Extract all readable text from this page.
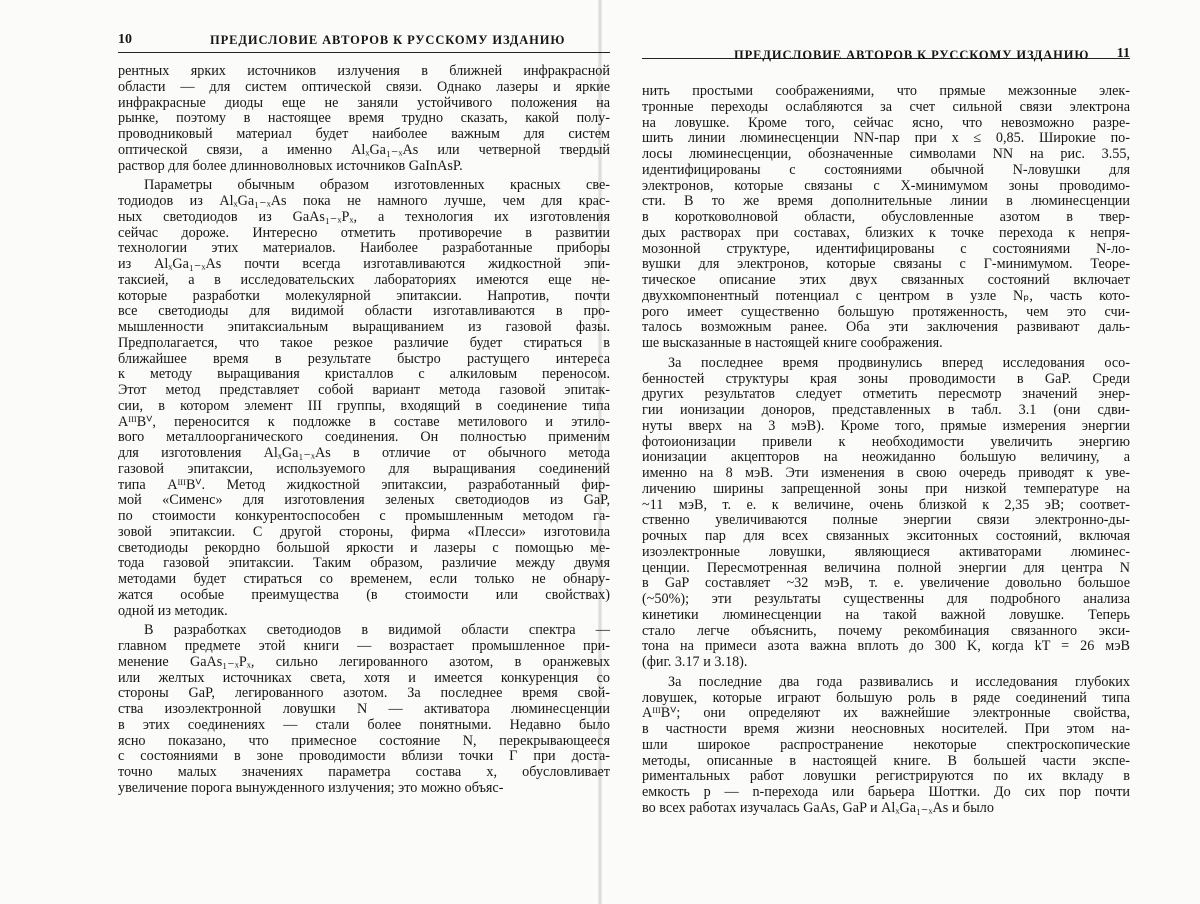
10	ПРЕДИСЛОВИЕ АВТОРОВ К РУССКОМУ ИЗДАНИЮ
рентных ярких источников излучения в ближней инфракрасной
области — для систем оптической связи. Однако лазеры и яркие
инфракрасные диоды еще не заняли устойчивого положения на
рынке, поэтому в настоящее время трудно сказать, какой полу-
проводниковый материал будет наиболее важным для систем
оптической связи, а именно AlₓGa₁₋ₓAs или четверной твердый
раствор для более длинноволновых источников GaInAsP.
Параметры обычным образом изготовленных красных све-
тодиодов из AlₓGa₁₋ₓAs пока не намного лучше, чем для крас-
ных светодиодов из GaAs₁₋ₓPₓ, а технология их изготовления
сейчас дороже. Интересно отметить противоречие в развитии
технологии этих материалов. Наиболее разработанные приборы
из AlₓGa₁₋ₓAs почти всегда изготавливаются жидкостной эпи-
таксией, а в исследовательских лабораториях имеются еще не-
которые разработки молекулярной эпитаксии. Напротив, почти
все светодиоды для видимой области изготавливаются в про-
мышленности эпитаксиальным выращиванием из газовой фазы.
Предполагается, что такое резкое различие будет стираться в
ближайшее время в результате быстро растущего интереса
к методу выращивания кристаллов с алкиловым переносом.
Этот метод представляет собой вариант метода газовой эпитак-
сии, в котором элемент III группы, входящий в соединение типа
AᴵᴵᴵBⱽ, переносится к подложке в составе метилового и этило-
вого металлоорганического соединения. Он полностью применим
для изготовления AlₓGa₁₋ₓAs в отличие от обычного метода
газовой эпитаксии, используемого для выращивания соединений
типа AᴵᴵᴵBⱽ. Метод жидкостной эпитаксии, разработанный фир-
мой «Сименс» для изготовления зеленых светодиодов из GaP,
по стоимости конкурентоспособен с промышленным методом га-
зовой эпитаксии. С другой стороны, фирма «Плесси» изготовила
светодиоды рекордно большой яркости и лазеры с помощью ме-
тода газовой эпитаксии. Таким образом, различие между двумя
методами будет стираться со временем, если только не обнару-
жатся особые преимущества (в стоимости или свойствах)
одной из методик.
В разработках светодиодов в видимой области спектра —
главном предмете этой книги — возрастает промышленное при-
менение GaAs₁₋ₓPₓ, сильно легированного азотом, в оранжевых
или желтых источниках света, хотя и имеется конкуренция со
стороны GaP, легированного азотом. За последнее время свой-
ства изоэлектронной ловушки N — активатора люминесценции
в этих соединениях — стали более понятными. Недавно было
ясно показано, что примесное состояние N, перекрывающееся
с состояниями в зоне проводимости вблизи точки Γ при доста-
точно малых значениях параметра состава x, обусловливает
увеличение порога вынужденного излучения; это можно объяс-
ПРЕДИСЛОВИЕ АВТОРОВ К РУССКОМУ ИЗДАНИЮ 11
нить простыми соображениями, что прямые межзонные элек-
тронные переходы ослабляются за счет сильной связи электрона
на ловушке. Кроме того, сейчас ясно, что невозможно разре-
шить линии люминесценции NN-пар при x ≤ 0,85. Широкие по-
лосы люминесценции, обозначенные символами NN на рис. 3.55,
идентифицированы с состояниями обычной N-ловушки для
электронов, которые связаны с X-минимумом зоны проводимо-
сти. В то же время дополнительные линии в люминесценции
в коротковолновой области, обусловленные азотом в твер-
дых растворах при составах, близких к точке перехода к непря-
мозонной структуре, идентифицированы с состояниями N-ло-
вушки для электронов, которые связаны с Γ-минимумом. Теоре-
тическое описание этих двух связанных состояний включает
двухкомпонентный потенциал с центром в узле Nₚ, часть кото-
рого имеет существенно большую протяженность, чем это счи-
талось возможным ранее. Оба эти заключения развивают даль-
ше высказанные в настоящей книге соображения.
За последнее время продвинулись вперед исследования осо-
бенностей структуры края зоны проводимости в GaP. Среди
других результатов следует отметить пересмотр значений энер-
гии ионизации доноров, представленных в табл. 3.1 (они сдви-
нуты вверх на 3 мэВ). Кроме того, прямые измерения энергии
фотоионизации привели к необходимости увеличить энергию
ионизации акцепторов на неожиданно большую величину, а
именно на 8 мэВ. Эти изменения в свою очередь приводят к уве-
личению ширины запрещенной зоны при низкой температуре на
~11 мэВ, т. е. к величине, очень близкой к 2,35 эВ; соответ-
ственно увеличиваются полные энергии связи электронно-ды-
рочных пар для всех связанных экситонных состояний, включая
изоэлектронные ловушки, являющиеся активаторами люминес-
ценции. Пересмотренная величина полной энергии для центра N
в GaP составляет ~32 мэВ, т. е. увеличение довольно большое
(~50%); эти результаты существенны для подробного анализа
кинетики люминесценции на такой важной ловушке. Теперь
стало легче объяснить, почему рекомбинация связанного экси-
тона на примеси азота важна вплоть до 300 K, когда kT = 26 мэВ
(фиг. 3.17 и 3.18).
За последние два года развивались и исследования глубоких
ловушек, которые играют большую роль в ряде соединений типа
AᴵᴵᴵBⱽ; они определяют их важнейшие электронные свойства,
в частности время жизни неосновных носителей. При этом на-
шли широкое распространение некоторые спектроскопические
методы, описанные в настоящей книге. В большей части экспе-
риментальных работ ловушки регистрируются по их вкладу в
емкость p — n-перехода или барьера Шоттки. До сих пор почти
во всех работах изучалась GaAs, GaP и AlₓGa₁₋ₓAs и было
